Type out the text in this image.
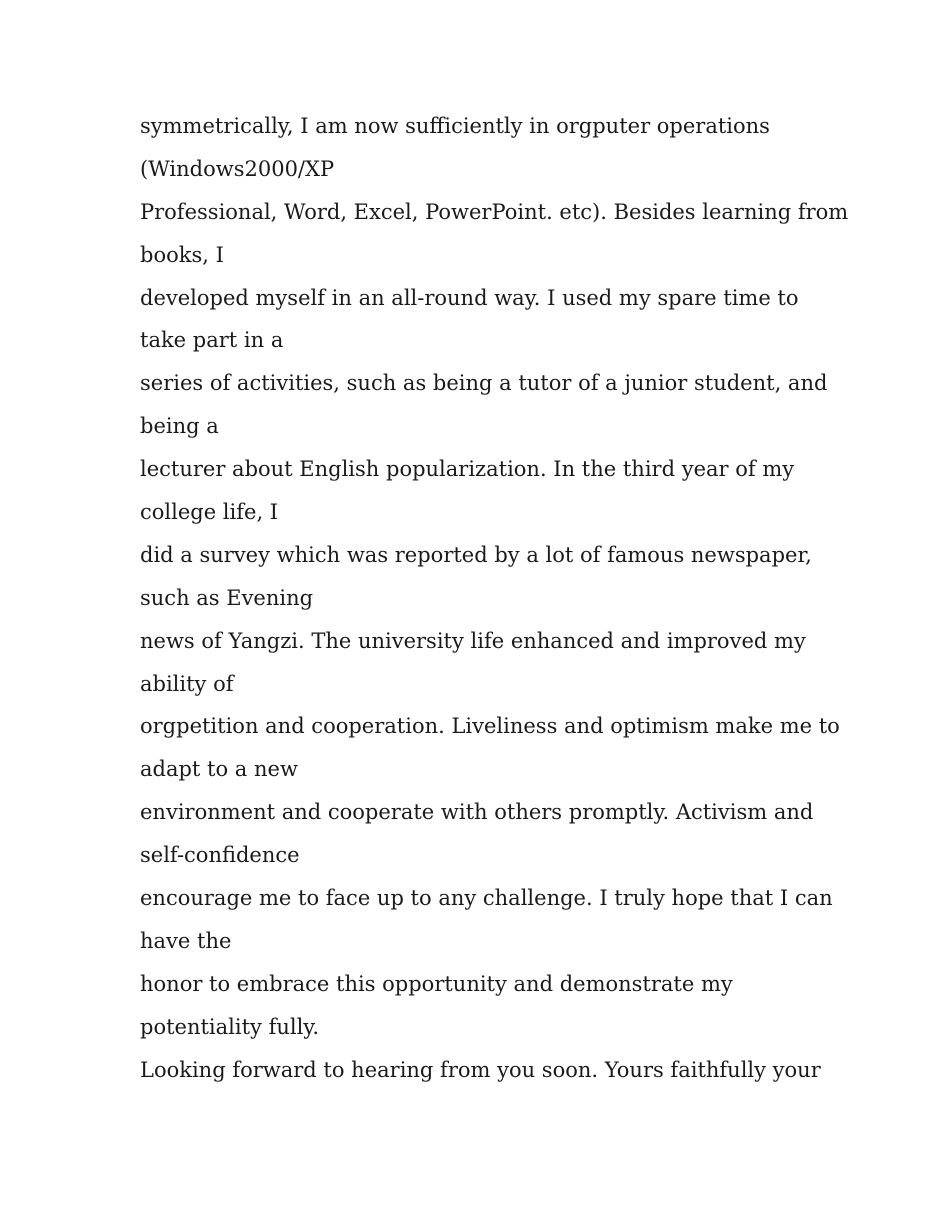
symmetrically, I am now sufficiently in orgputer operations
(Windows2000/XP
Professional, Word, Excel, PowerPoint. etc). Besides learning from
books, I
developed myself in an all-round way. I used my spare time to
take part in a
series of activities, such as being a tutor of a junior student, and
being a
lecturer about English popularization. In the third year of my
college life, I
did a survey which was reported by a lot of famous newspaper,
such as Evening
news of Yangzi. The university life enhanced and improved my
ability of
orgpetition and cooperation. Liveliness and optimism make me to
adapt to a new
environment and cooperate with others promptly. Activism and
self-confidence
encourage me to face up to any challenge. I truly hope that I can
have the
honor to embrace this opportunity and demonstrate my
potentiality fully.
Looking forward to hearing from you soon. Yours faithfully your
